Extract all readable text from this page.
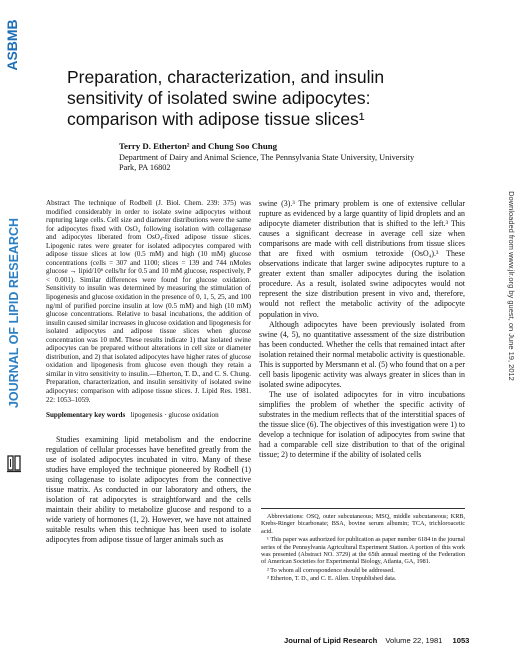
ASBMB
JOURNAL OF LIPID RESEARCH	Downloaded from www.jlr.org by guest, on June 19, 2012
Preparation, characterization, and insulin sensitivity of isolated swine adipocytes: comparison with adipose tissue slices¹
Terry D. Etherton² and Chung Soo Chung
Department of Dairy and Animal Science, The Pennsylvania State University, University Park, PA 16802
Abstract The technique of Rodbell (J. Biol. Chem. 239: 375) was modified considerably in order to isolate swine adipocytes without rupturing large cells. Cell size and diameter distributions were the same for adipocytes fixed with OsO₄ following isolation with collagenase and adipocytes liberated from OsO₄-fixed adipose tissue slices. Lipogenic rates were greater for isolated adipocytes compared with adipose tissue slices at low (0.5 mM) and high (10 mM) glucose concentrations (cells = 307 and 1100; slices = 139 and 744 nMoles glucose → lipid/10⁶ cells/hr for 0.5 and 10 mM glucose, respectively, P < 0.001). Similar differences were found for glucose oxidation. Sensitivity to insulin was determined by measuring the stimulation of lipogenesis and glucose oxidation in the presence of 0, 1, 5, 25, and 100 ng/ml of purified porcine insulin at low (0.5 mM) and high (10 mM) glucose concentrations. Relative to basal incubations, the addition of insulin caused similar increases in glucose oxidation and lipogenesis for isolated adipocytes and adipose tissue slices when glucose concentration was 10 mM. These results indicate 1) that isolated swine adipocytes can be prepared without alterations in cell size or diameter distribution, and 2) that isolated adipocytes have higher rates of glucose oxidation and lipogenesis from glucose even though they retain a similar in vitro sensitivity to insulin.—Etherton, T. D., and C. S. Chung. Preparation, characterization, and insulin sensitivity of isolated swine adipocytes: comparison with adipose tissue slices. J. Lipid Res. 1981. 22: 1053–1059.
Supplementary key words lipogenesis · glucose oxidation
Studies examining lipid metabolism and the endocrine regulation of cellular processes have benefited greatly from the use of isolated adipocytes incubated in vitro. Many of these studies have employed the technique pioneered by Rodbell (1) using collagenase to isolate adipocytes from the connective tissue matrix. As conducted in our laboratory and others, the isolation of rat adipocytes is straightforward and the cells maintain their ability to metabolize glucose and respond to a wide variety of hormones (1, 2). However, we have not attained suitable results when this technique has been used to isolate adipocytes from adipose tissue of larger animals such as

swine (3).³ The primary problem is one of extensive cellular rupture as evidenced by a large quantity of lipid droplets and an adipocyte diameter distribution that is shifted to the left.³ This causes a significant decrease in average cell size when comparisons are made with cell distributions from tissue slices that are fixed with osmium tetroxide (OsO₄).³ These observations indicate that larger swine adipocytes rupture to a greater extent than smaller adipocytes during the isolation procedure. As a result, isolated swine adipocytes would not represent the size distribution present in vivo and, therefore, would not reflect the metabolic activity of the adipocyte population in vivo.

Although adipocytes have been previously isolated from swine (4, 5), no quantitative assessment of the size distribution has been conducted. Whether the cells that remained intact after isolation retained their normal metabolic activity is questionable. This is supported by Mersmann et al. (5) who found that on a per cell basis lipogenic activity was always greater in slices than in isolated swine adipocytes.

The use of isolated adipocytes for in vitro incubations simplifies the problem of whether the specific activity of substrates in the medium reflects that of the interstitial spaces of the tissue slice (6). The objectives of this investigation were 1) to develop a technique for isolation of adipocytes from swine that had a comparable cell size distribution to that of the original tissue; 2) to determine if the ability of isolated cells

Abbreviations: OSQ, outer subcutaneous; MSQ, middle subcutaneous; KRB, Krebs-Ringer bicarbonate; BSA, bovine serum albumin; TCA, trichloroacetic acid.

¹ This paper was authorized for publication as paper number 6184 in the journal series of the Pennsylvania Agricultural Experiment Station. A portion of this work was presented (Abstract NO. 3729) at the 65th annual meeting of the Federation of American Societies for Experimental Biology, Atlanta, GA, 1981.

² To whom all correspondence should be addressed.

³ Etherton, T. D., and C. E. Allen. Unpublished data.

Journal of Lipid Research Volume 22, 1981 1053
